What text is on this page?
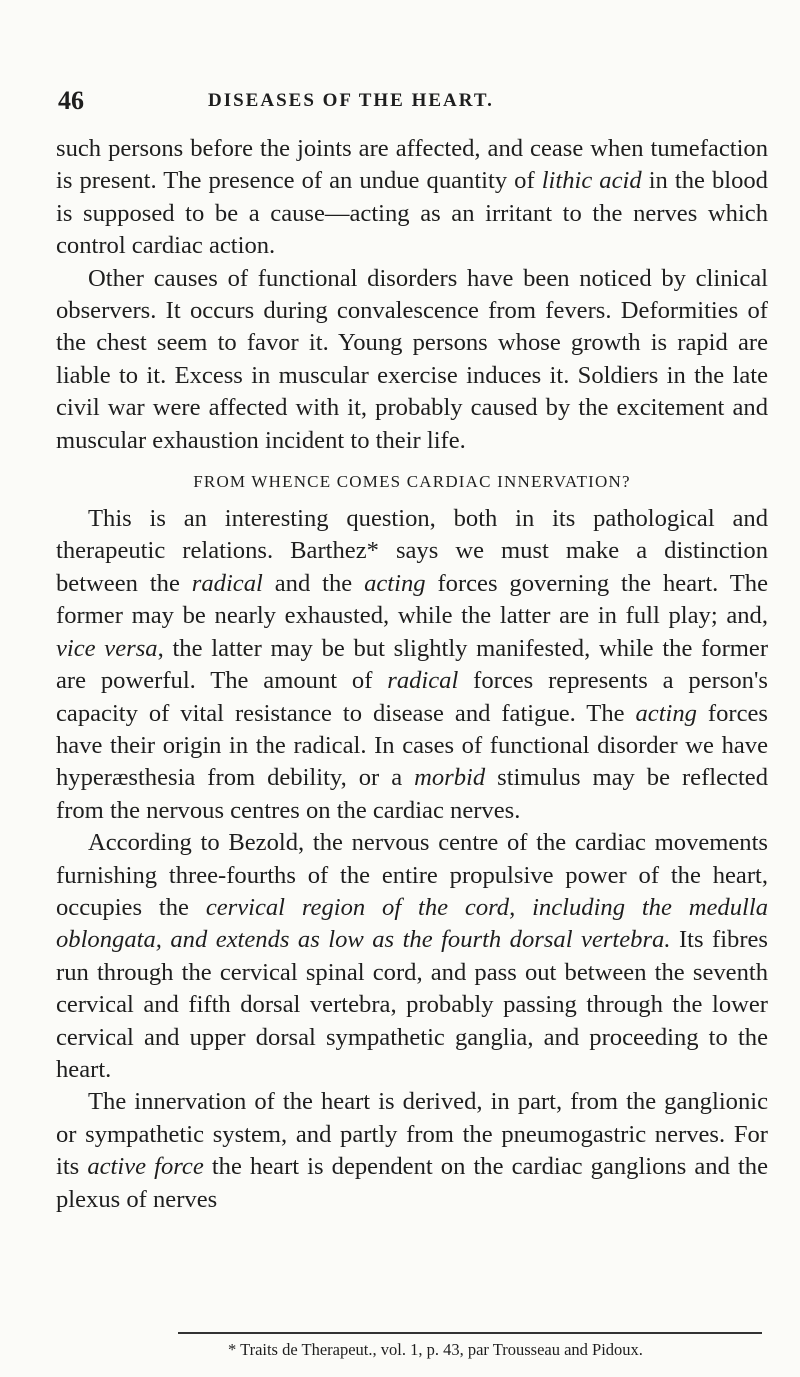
46	DISEASES OF THE HEART.

such persons before the joints are affected, and cease when tumefaction is present. The presence of an undue quantity of lithic acid in the blood is supposed to be a cause—acting as an irritant to the nerves which control cardiac action.

Other causes of functional disorders have been noticed by clinical observers. It occurs during convalescence from fevers. Deformities of the chest seem to favor it. Young persons whose growth is rapid are liable to it. Excess in muscular exercise induces it. Soldiers in the late civil war were affected with it, probably caused by the excitement and muscular exhaustion incident to their life.

FROM WHENCE COMES CARDIAC INNERVATION?

This is an interesting question, both in its pathological and therapeutic relations. Barthez* says we must make a distinction between the radical and the acting forces governing the heart. The former may be nearly exhausted, while the latter are in full play; and, vice versa, the latter may be but slightly manifested, while the former are powerful. The amount of radical forces represents a person's capacity of vital resistance to disease and fatigue. The acting forces have their origin in the radical. In cases of functional disorder we have hyperæsthesia from debility, or a morbid stimulus may be reflected from the nervous centres on the cardiac nerves.

According to Bezold, the nervous centre of the cardiac movements furnishing three-fourths of the entire propulsive power of the heart, occupies the cervical region of the cord, including the medulla oblongata, and extends as low as the fourth dorsal vertebra. Its fibres run through the cervical spinal cord, and pass out between the seventh cervical and fifth dorsal vertebra, probably passing through the lower cervical and upper dorsal sympathetic ganglia, and proceeding to the heart.

The innervation of the heart is derived, in part, from the ganglionic or sympathetic system, and partly from the pneumogastric nerves. For its active force the heart is dependent on the cardiac ganglions and the plexus of nerves

* Traits de Therapeut., vol. 1, p. 43, par Trousseau and Pidoux.
